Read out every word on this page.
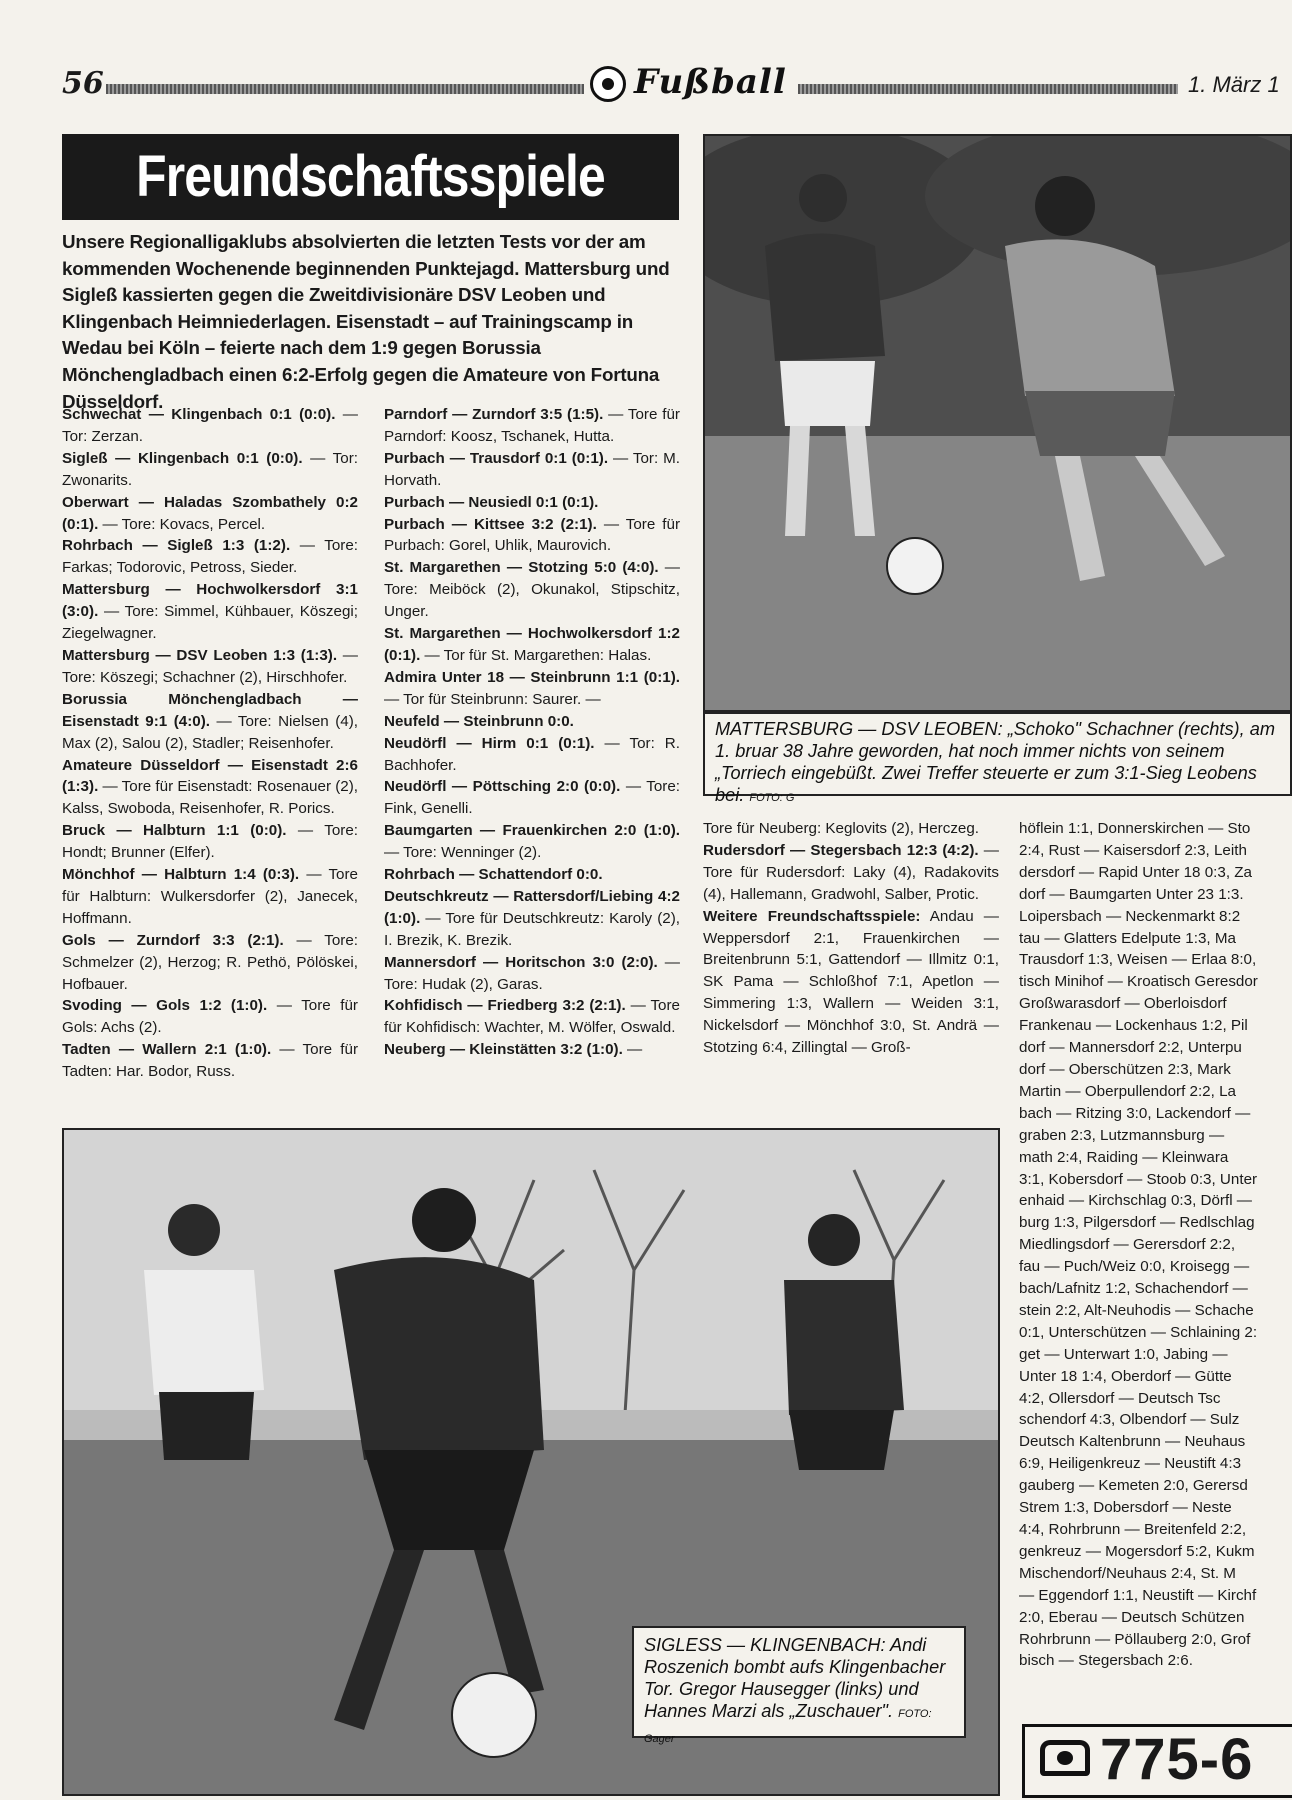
56	Fußball	1. März 1
Freundschaftsspiele
Unsere Regionalligaklubs absolvierten die letzten Tests vor der am kommenden Wochenende beginnenden Punktejagd. Mattersburg und Sigleß kassierten gegen die Zweitdivisionäre DSV Leoben und Klingenbach Heimniederlagen. Eisenstadt – auf Trainingscamp in Wedau bei Köln – feierte nach dem 1:9 gegen Borussia Mönchengladbach einen 6:2-Erfolg gegen die Amateure von Fortuna Düsseldorf.

Schwechat — Klingenbach 0:1 (0:0). — Tor: Zerzan.

Sigleß — Klingenbach 0:1 (0:0). — Tor: Zwonarits.

Oberwart — Haladas Szombathely 0:2 (0:1). — Tore: Kovacs, Percel.

Rohrbach — Sigleß 1:3 (1:2). — Tore: Farkas; Todorovic, Petross, Sieder.

Mattersburg — Hochwolkersdorf 3:1 (3:0). — Tore: Simmel, Kühbauer, Köszegi; Ziegelwagner.

Mattersburg — DSV Leoben 1:3 (1:3). — Tore: Köszegi; Schachner (2), Hirschhofer.

Borussia Mönchengladbach — Eisenstadt 9:1 (4:0). — Tore: Nielsen (4), Max (2), Salou (2), Stadler; Reisenhofer.

Amateure Düsseldorf — Eisenstadt 2:6 (1:3). — Tore für Eisenstadt: Rosenauer (2), Kalss, Swoboda, Reisenhofer, R. Porics.

Bruck — Halbturn 1:1 (0:0). — Tore: Hondt; Brunner (Elfer).

Mönchhof — Halbturn 1:4 (0:3). — Tore für Halbturn: Wulkersdorfer (2), Janecek, Hoffmann.

Gols — Zurndorf 3:3 (2:1). — Tore: Schmelzer (2), Herzog; R. Pethö, Pölöskei, Hofbauer.

Svoding — Gols 1:2 (1:0). — Tore für Gols: Achs (2).

Tadten — Wallern 2:1 (1:0). — Tore für Tadten: Har. Bodor, Russ.

Parndorf — Zurndorf 3:5 (1:5). — Tore für Parndorf: Koosz, Tschanek, Hutta.

Purbach — Trausdorf 0:1 (0:1). — Tor: M. Horvath.

Purbach — Neusiedl 0:1 (0:1).

Purbach — Kittsee 3:2 (2:1). — Tore für Purbach: Gorel, Uhlik, Maurovich.

St. Margarethen — Stotzing 5:0 (4:0). — Tore: Meiböck (2), Okunakol, Stipschitz, Unger.

St. Margarethen — Hochwolkersdorf 1:2 (0:1). — Tor für St. Margarethen: Halas.

Admira Unter 18 — Steinbrunn 1:1 (0:1). — Tor für Steinbrunn: Saurer. —

Neufeld — Steinbrunn 0:0.

Neudörfl — Hirm 0:1 (0:1). — Tor: R. Bachhofer.

Neudörfl — Pöttsching 2:0 (0:0). — Tore: Fink, Genelli.

Baumgarten — Frauenkirchen 2:0 (1:0). — Tore: Wenninger (2).

Rohrbach — Schattendorf 0:0.

Deutschkreutz — Rattersdorf/Liebing 4:2 (1:0). — Tore für Deutschkreutz: Karoly (2), I. Brezik, K. Brezik.

Mannersdorf — Horitschon 3:0 (2:0). — Tore: Hudak (2), Garas.

Kohfidisch — Friedberg 3:2 (2:1). — Tore für Kohfidisch: Wachter, M. Wölfer, Oswald.

Neuberg — Kleinstätten 3:2 (1:0). —

MATTERSBURG — DSV LEOBEN: „Schoko" Schachner (rechts), am 1. bruar 38 Jahre geworden, hat noch immer nichts von seinem „Torriech eingebüßt. Zwei Treffer steuerte er zum 3:1-Sieg Leobens bei. FOTO: G

Tore für Neuberg: Keglovits (2), Herczeg.

Rudersdorf — Stegersbach 12:3 (4:2). — Tore für Rudersdorf: Laky (4), Radakovits (4), Hallemann, Gradwohl, Salber, Protic.

Weitere Freundschaftsspiele: Andau — Weppersdorf 2:1, Frauenkirchen — Breitenbrunn 5:1, Gattendorf — Illmitz 0:1, SK Pama — Schloßhof 7:1, Apetlon — Simmering 1:3, Wallern — Weiden 3:1, Nickelsdorf — Mönchhof 3:0, St. Andrä — Stotzing 6:4, Zillingtal — Groß-

höflein 1:1, Donnerskirchen — Sto

2:4, Rust — Kaisersdorf 2:3, Leith

dersdorf — Rapid Unter 18 0:3, Za

dorf — Baumgarten Unter 23 1:3.

Loipersbach — Neckenmarkt 8:2

tau — Glatters Edelpute 1:3, Ma

Trausdorf 1:3, Weisen — Erlaa 8:0,

tisch Minihof — Kroatisch Geresdor

Großwarasdorf — Oberloisdorf

Frankenau — Lockenhaus 1:2, Pil

dorf — Mannersdorf 2:2, Unterpu

dorf — Oberschützen 2:3, Mark

Martin — Oberpullendorf 2:2, La

bach — Ritzing 3:0, Lackendorf —

graben 2:3, Lutzmannsburg —

math 2:4, Raiding — Kleinwara

3:1, Kobersdorf — Stoob 0:3, Unter

enhaid — Kirchschlag 0:3, Dörfl —

burg 1:3, Pilgersdorf — Redlschlag

Miedlingsdorf — Gerersdorf 2:2,

fau — Puch/Weiz 0:0, Kroisegg —

bach/Lafnitz 1:2, Schachendorf —

stein 2:2, Alt-Neuhodis — Schache

0:1, Unterschützen — Schlaining 2:

get — Unterwart 1:0, Jabing —

Unter 18 1:4, Oberdorf — Gütte

4:2, Ollersdorf — Deutsch Tsc

schendorf 4:3, Olbendorf — Sulz

Deutsch Kaltenbrunn — Neuhaus

6:9, Heiligenkreuz — Neustift 4:3

gauberg — Kemeten 2:0, Gerersd

Strem 1:3, Dobersdorf — Neste

4:4, Rohrbrunn — Breitenfeld 2:2,

genkreuz — Mogersdorf 5:2, Kukm

Mischendorf/Neuhaus 2:4, St. M

— Eggendorf 1:1, Neustift — Kirchf

2:0, Eberau — Deutsch Schützen

Rohrbrunn — Pöllauberg 2:0, Grof

bisch — Stegersbach 2:6.

SIGLESS — KLINGENBACH: Andi Roszenich bombt aufs Klingenbacher Tor. Gregor Hausegger (links) und Hannes Marzi als „Zuschauer". FOTO: Gager	775-6
